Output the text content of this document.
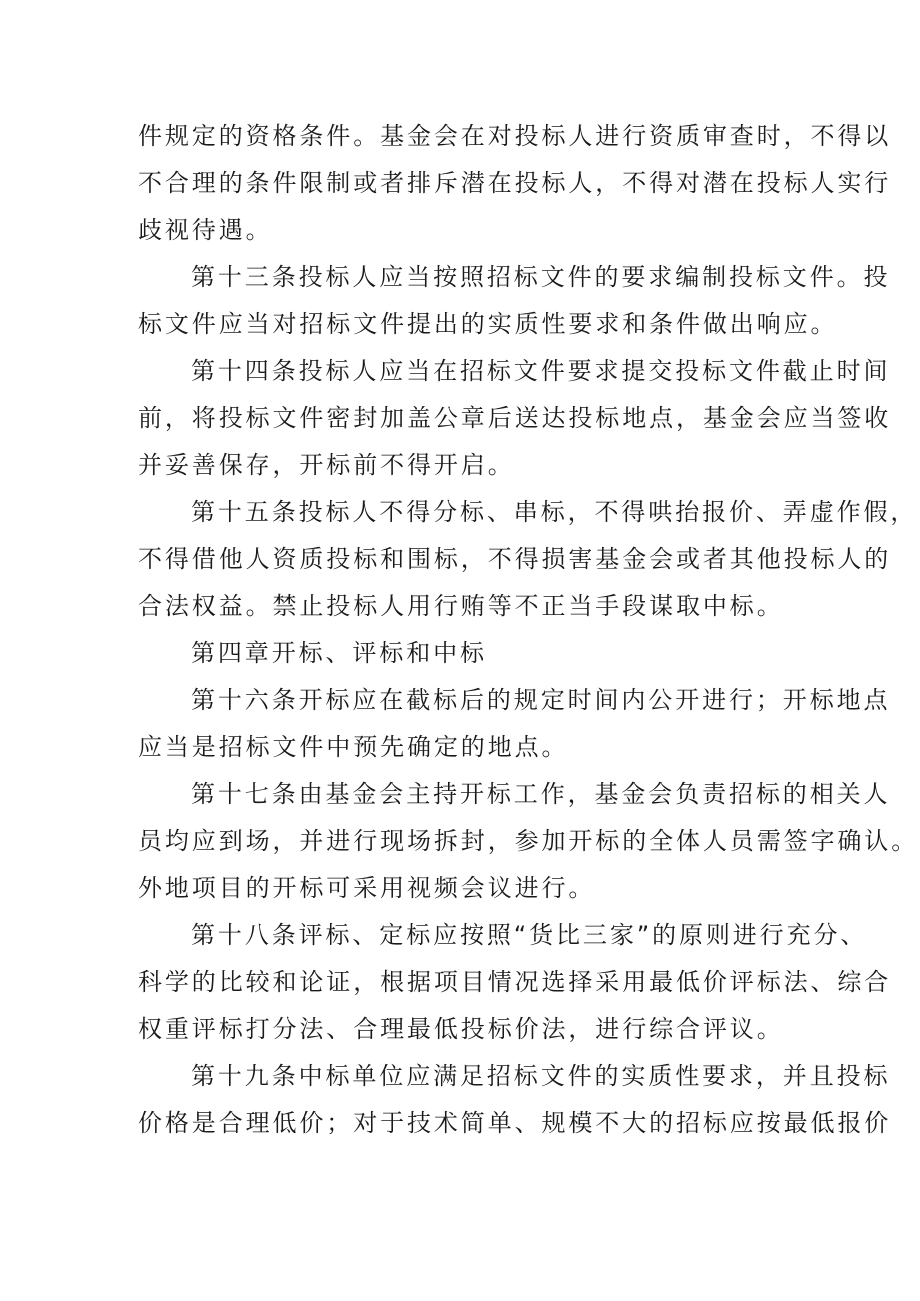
件规定的资格条件。基金会在对投标人进行资质审查时，不得以
不合理的条件限制或者排斥潜在投标人，不得对潜在投标人实行
歧视待遇。
第十三条投标人应当按照招标文件的要求编制投标文件。投
标文件应当对招标文件提出的实质性要求和条件做出响应。
第十四条投标人应当在招标文件要求提交投标文件截止时间
前，将投标文件密封加盖公章后送达投标地点，基金会应当签收
并妥善保存，开标前不得开启。
第十五条投标人不得分标、串标，不得哄抬报价、弄虚作假，
不得借他人资质投标和围标，不得损害基金会或者其他投标人的
合法权益。禁止投标人用行贿等不正当手段谋取中标。
第四章开标、评标和中标
第十六条开标应在截标后的规定时间内公开进行；开标地点
应当是招标文件中预先确定的地点。
第十七条由基金会主持开标工作，基金会负责招标的相关人
员均应到场，并进行现场拆封，参加开标的全体人员需签字确认。
外地项目的开标可采用视频会议进行。
第十八条评标、定标应按照“货比三家”的原则进行充分、
科学的比较和论证，根据项目情况选择采用最低价评标法、综合
权重评标打分法、合理最低投标价法，进行综合评议。
第十九条中标单位应满足招标文件的实质性要求，并且投标
价格是合理低价；对于技术简单、规模不大的招标应按最低报价
